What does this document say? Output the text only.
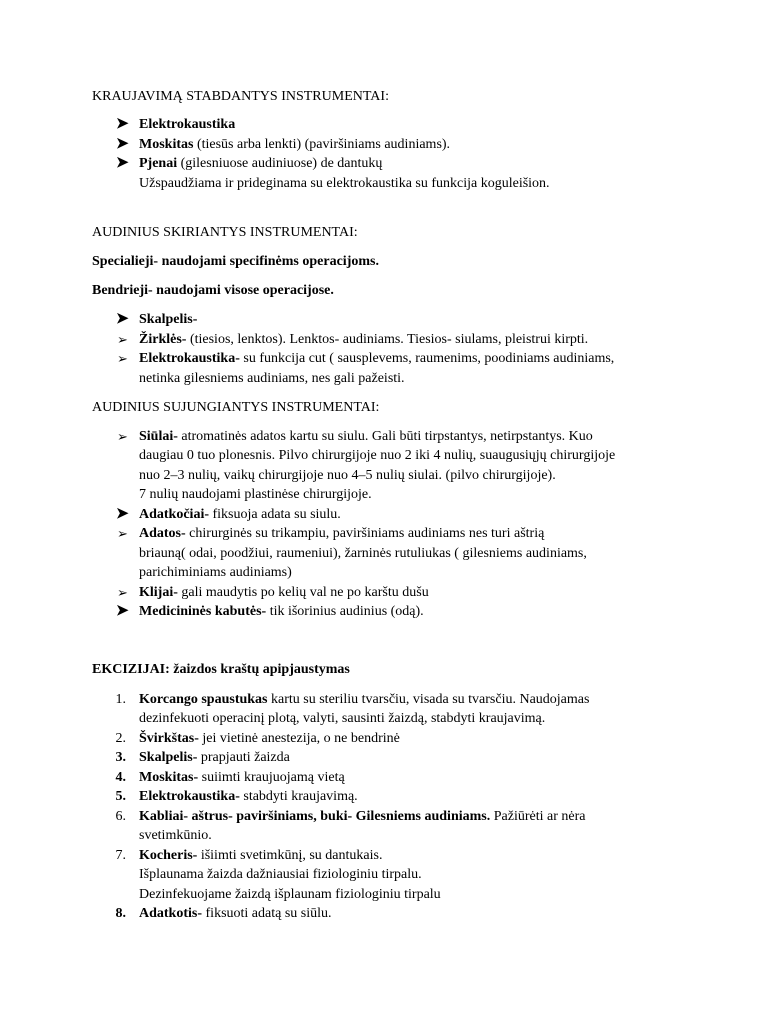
KRAUJAVIMĄ STABDANTYS INSTRUMENTAI:
➤ Elektrokaustika
➤ Moskitas (tiesūs arba lenkti) (paviršiniams audiniams).
➤ Pjenai (gilesniuose audiniuose) de dantukų
Užspaudžiama ir prideginama su elektrokaustika su funkcija koguleišion.
AUDINIUS SKIRIANTYS INSTRUMENTAI:
Specialieji- naudojami specifinėms operacijoms.
Bendrieji- naudojami visose operacijose.
➤ Skalpelis-
➢ Žirklės- (tiesios, lenktos). Lenktos- audiniams. Tiesios- siulams, pleistrui kirpti.
➢ Elektrokaustika- su funkcija cut ( sausplevems, raumenims, poodiniams audiniams,
netinka gilesniems audiniams, nes gali pažeisti.
AUDINIUS SUJUNGIANTYS INSTRUMENTAI:
➢ Siūlai- atromatinės adatos kartu su siulu. Gali būti tirpstantys, netirpstantys. Kuo
daugiau 0 tuo plonesnis. Pilvo chirurgijoje nuo 2 iki 4 nulių, suaugusiųjų chirurgijoje
nuo 2–3 nulių, vaikų chirurgijoje nuo 4–5 nulių siulai. (pilvo chirurgijoje).
7 nulių naudojami plastinėse chirurgijoje.
➤ Adatkočiai- fiksuoja adata su siulu.
➢ Adatos- chirurginės su trikampiu, paviršiniams audiniams nes turi aštrią
briauną( odai, poodžiui, raumeniui), žarninės rutuliukas ( gilesniems audiniams,
parichiminiams audiniams)
➢ Klijai- gali maudytis po kelių val ne po karštu dušu
➤ Medicininės kabutės- tik išorinius audinius (odą).
EKCIZIJAI: žaizdos kraštų apipjaustymas
1. Korcango spaustukas kartu su steriliu tvarsčiu, visada su tvarsčiu. Naudojamas
dezinfekuoti operacinį plotą, valyti, sausinti žaizdą, stabdyti kraujavimą.
2. Švirkštas- jei vietinė anestezija, o ne bendrinė
3. Skalpelis- prapjauti žaizda
4. Moskitas- suiimti kraujuojamą vietą
5. Elektrokaustika- stabdyti kraujavimą.
6. Kabliai- aštrus- paviršiniams, buki- Gilesniems audiniams. Pažiūrėti ar nėra
svetimkūnio.
7. Kocheris- išiimti svetimkūnį, su dantukais.
Išplaunama žaizda dažniausiai fiziologiniu tirpalu.
Dezinfekuojame žaizdą išplaunam fiziologiniu tirpalu
8. Adatkotis- fiksuoti adatą su siūlu.
